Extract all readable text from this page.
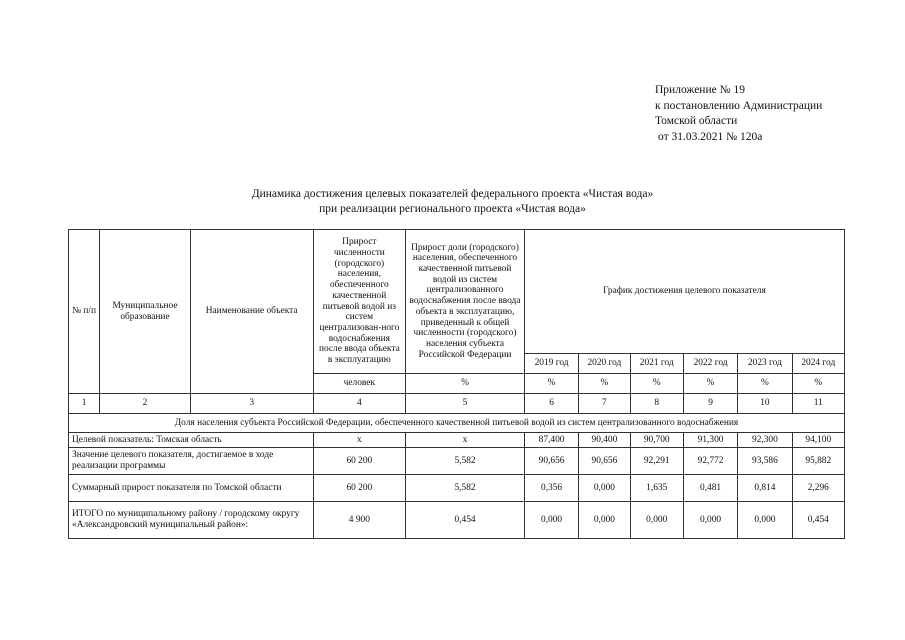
Приложение № 19
к постановлению Администрации
Томской области
от 31.03.2021 № 120а
Динамика достижения целевых показателей федерального проекта «Чистая вода»
при реализации регионального проекта «Чистая вода»
№ п/п	Муниципальное образование	Наименование объекта	Прирост численности (городского) населения, обеспеченного качественной питьевой водой из систем централизован-ного водоснабжения после ввода объекта в эксплуатацию	Прирост доли (городского) населения, обеспеченного качественной питьевой водой из систем централизованного водоснабжения после ввода объекта в эксплуатацию, приведенный к общей численности (городского) населения субъекта Российской Федерации	График достижения целевого показателя					
					2019 год	2020 год	2021 год	2022 год	2023 год	2024 год
			человек	%	%	%	%	%	%	%
1	2	3	4	5	6	7	8	9	10	11
Доля населения субъекта Российской Федерации, обеспеченного качественной питьевой водой из систем централизованного водоснабжения										
Целевой показатель: Томская область			х	х	87,400	90,400	90,700	91,300	92,300	94,100
Значение целевого показателя, достигаемое в ходе реализации программы			60 200	5,582	90,656	90,656	92,291	92,772	93,586	95,882
Суммарный прирост показателя по Томской области			60 200	5,582	0,356	0,000	1,635	0,481	0,814	2,296
ИТОГО по муниципальному району / городскому округу «Александровский муниципальный район»:			4 900	0,454	0,000	0,000	0,000	0,000	0,000	0,454
